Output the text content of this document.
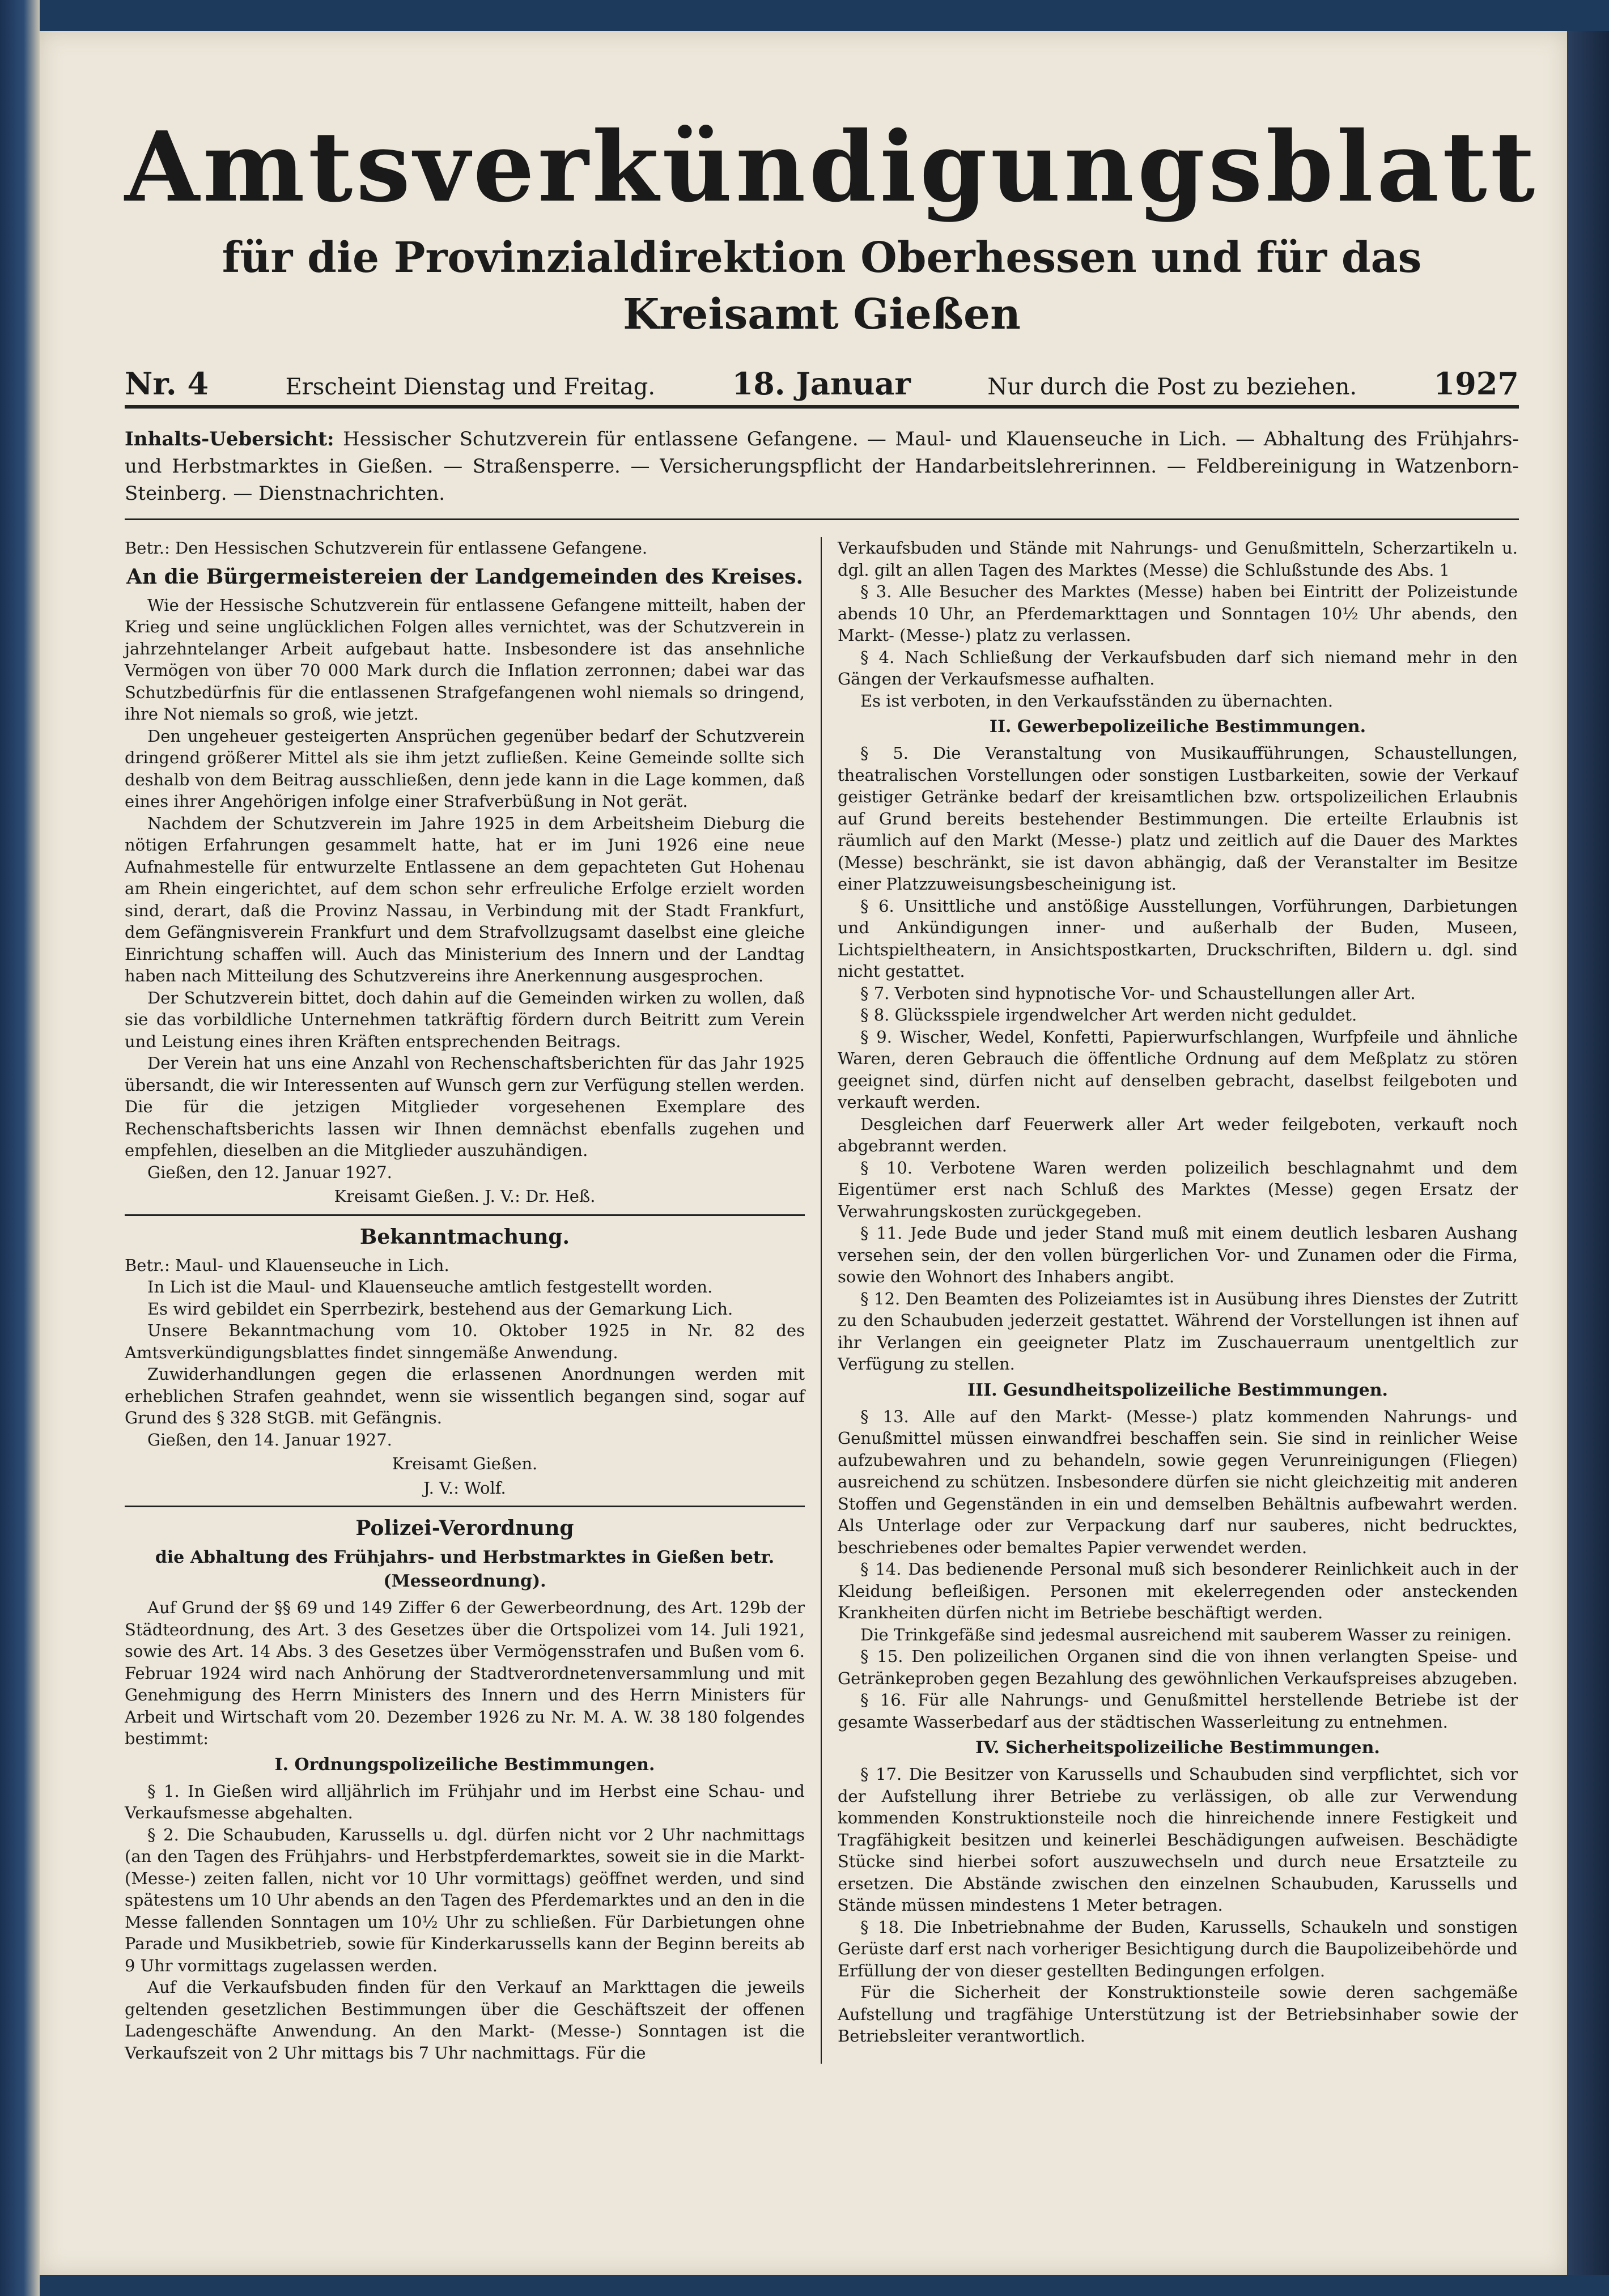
Amtsverkündigungsblatt
für die Provinzialdirektion Oberhessen und für das Kreisamt Gießen
Nr. 4	Erscheint Dienstag und Freitag.	18. Januar	Nur durch die Post zu beziehen.	1927
Inhalts-Uebersicht: Hessischer Schutzverein für entlassene Gefangene. — Maul- und Klauenseuche in Lich. — Abhaltung des Frühjahrs- und Herbstmarktes in Gießen. — Straßensperre. — Versicherungspflicht der Handarbeitslehrerinnen. — Feldbereinigung in Watzenborn-Steinberg. — Dienstnachrichten.

Betr.: Den Hessischen Schutzverein für entlassene Gefangene.

An die Bürgermeistereien der Landgemeinden des Kreises.

Wie der Hessische Schutzverein für entlassene Gefangene mitteilt, haben der Krieg und seine unglücklichen Folgen alles vernichtet, was der Schutzverein in jahrzehntelanger Arbeit aufgebaut hatte. Insbesondere ist das ansehnliche Vermögen von über 70 000 Mark durch die Inflation zerronnen; dabei war das Schutzbedürfnis für die entlassenen Strafgefangenen wohl niemals so dringend, ihre Not niemals so groß, wie jetzt.

Den ungeheuer gesteigerten Ansprüchen gegenüber bedarf der Schutzverein dringend größerer Mittel als sie ihm jetzt zufließen. Keine Gemeinde sollte sich deshalb von dem Beitrag ausschließen, denn jede kann in die Lage kommen, daß eines ihrer Angehörigen infolge einer Strafverbüßung in Not gerät.

Nachdem der Schutzverein im Jahre 1925 in dem Arbeitsheim Dieburg die nötigen Erfahrungen gesammelt hatte, hat er im Juni 1926 eine neue Aufnahmestelle für entwurzelte Entlassene an dem gepachteten Gut Hohenau am Rhein eingerichtet, auf dem schon sehr erfreuliche Erfolge erzielt worden sind, derart, daß die Provinz Nassau, in Verbindung mit der Stadt Frankfurt, dem Gefängnisverein Frankfurt und dem Strafvollzugsamt daselbst eine gleiche Einrichtung schaffen will. Auch das Ministerium des Innern und der Landtag haben nach Mitteilung des Schutzvereins ihre Anerkennung ausgesprochen.

Der Schutzverein bittet, doch dahin auf die Gemeinden wirken zu wollen, daß sie das vorbildliche Unternehmen tatkräftig fördern durch Beitritt zum Verein und Leistung eines ihren Kräften entsprechenden Beitrags.

Der Verein hat uns eine Anzahl von Rechenschaftsberichten für das Jahr 1925 übersandt, die wir Interessenten auf Wunsch gern zur Verfügung stellen werden. Die für die jetzigen Mitglieder vorgesehenen Exemplare des Rechenschaftsberichts lassen wir Ihnen demnächst ebenfalls zugehen und empfehlen, dieselben an die Mitglieder auszuhändigen.

Gießen, den 12. Januar 1927.

Kreisamt Gießen. J. V.: Dr. Heß.
Bekanntmachung.

Betr.: Maul- und Klauenseuche in Lich.

In Lich ist die Maul- und Klauenseuche amtlich festgestellt worden.

Es wird gebildet ein Sperrbezirk, bestehend aus der Gemarkung Lich.

Unsere Bekanntmachung vom 10. Oktober 1925 in Nr. 82 des Amtsverkündigungsblattes findet sinngemäße Anwendung.

Zuwiderhandlungen gegen die erlassenen Anordnungen werden mit erheblichen Strafen geahndet, wenn sie wissentlich begangen sind, sogar auf Grund des § 328 StGB. mit Gefängnis.

Gießen, den 14. Januar 1927.

Kreisamt Gießen.
J. V.: Wolf.
Polizei-Verordnung
die Abhaltung des Frühjahrs- und Herbstmarktes in Gießen betr. (Messeordnung).

Auf Grund der §§ 69 und 149 Ziffer 6 der Gewerbeordnung, des Art. 129b der Städteordnung, des Art. 3 des Gesetzes über die Ortspolizei vom 14. Juli 1921, sowie des Art. 14 Abs. 3 des Gesetzes über Vermögensstrafen und Bußen vom 6. Februar 1924 wird nach Anhörung der Stadtverordnetenversammlung und mit Genehmigung des Herrn Ministers des Innern und des Herrn Ministers für Arbeit und Wirtschaft vom 20. Dezember 1926 zu Nr. M. A. W. 38 180 folgendes bestimmt:

I. Ordnungspolizeiliche Bestimmungen.

§ 1. In Gießen wird alljährlich im Frühjahr und im Herbst eine Schau- und Verkaufsmesse abgehalten.

§ 2. Die Schaubuden, Karussells u. dgl. dürfen nicht vor 2 Uhr nachmittags (an den Tagen des Frühjahrs- und Herbstpferdemarktes, soweit sie in die Markt- (Messe-) zeiten fallen, nicht vor 10 Uhr vormittags) geöffnet werden, und sind spätestens um 10 Uhr abends an den Tagen des Pferdemarktes und an den in die Messe fallenden Sonntagen um 10½ Uhr zu schließen. Für Darbietungen ohne Parade und Musikbetrieb, sowie für Kinderkarussells kann der Beginn bereits ab 9 Uhr vormittags zugelassen werden.

Auf die Verkaufsbuden finden für den Verkauf an Markttagen die jeweils geltenden gesetzlichen Bestimmungen über die Geschäftszeit der offenen Ladengeschäfte Anwendung. An den Markt- (Messe-) Sonntagen ist die Verkaufszeit von 2 Uhr mittags bis 7 Uhr nachmittags. Für die

Verkaufsbuden und Stände mit Nahrungs- und Genußmitteln, Scherzartikeln u. dgl. gilt an allen Tagen des Marktes (Messe) die Schlußstunde des Abs. 1

§ 3. Alle Besucher des Marktes (Messe) haben bei Eintritt der Polizeistunde abends 10 Uhr, an Pferdemarkttagen und Sonntagen 10½ Uhr abends, den Markt- (Messe-) platz zu verlassen.

§ 4. Nach Schließung der Verkaufsbuden darf sich niemand mehr in den Gängen der Verkaufsmesse aufhalten.

Es ist verboten, in den Verkaufsständen zu übernachten.

II. Gewerbepolizeiliche Bestimmungen.

§ 5. Die Veranstaltung von Musikaufführungen, Schaustellungen, theatralischen Vorstellungen oder sonstigen Lustbarkeiten, sowie der Verkauf geistiger Getränke bedarf der kreisamtlichen bzw. ortspolizeilichen Erlaubnis auf Grund bereits bestehender Bestimmungen. Die erteilte Erlaubnis ist räumlich auf den Markt (Messe-) platz und zeitlich auf die Dauer des Marktes (Messe) beschränkt, sie ist davon abhängig, daß der Veranstalter im Besitze einer Platzzuweisungsbescheinigung ist.

§ 6. Unsittliche und anstößige Ausstellungen, Vorführungen, Darbietungen und Ankündigungen inner- und außerhalb der Buden, Museen, Lichtspieltheatern, in Ansichtspostkarten, Druckschriften, Bildern u. dgl. sind nicht gestattet.

§ 7. Verboten sind hypnotische Vor- und Schaustellungen aller Art.

§ 8. Glücksspiele irgendwelcher Art werden nicht geduldet.

§ 9. Wischer, Wedel, Konfetti, Papierwurfschlangen, Wurfpfeile und ähnliche Waren, deren Gebrauch die öffentliche Ordnung auf dem Meßplatz zu stören geeignet sind, dürfen nicht auf denselben gebracht, daselbst feilgeboten und verkauft werden.

Desgleichen darf Feuerwerk aller Art weder feilgeboten, verkauft noch abgebrannt werden.

§ 10. Verbotene Waren werden polizeilich beschlagnahmt und dem Eigentümer erst nach Schluß des Marktes (Messe) gegen Ersatz der Verwahrungskosten zurückgegeben.

§ 11. Jede Bude und jeder Stand muß mit einem deutlich lesbaren Aushang versehen sein, der den vollen bürgerlichen Vor- und Zunamen oder die Firma, sowie den Wohnort des Inhabers angibt.

§ 12. Den Beamten des Polizeiamtes ist in Ausübung ihres Dienstes der Zutritt zu den Schaubuden jederzeit gestattet. Während der Vorstellungen ist ihnen auf ihr Verlangen ein geeigneter Platz im Zuschauerraum unentgeltlich zur Verfügung zu stellen.

III. Gesundheitspolizeiliche Bestimmungen.

§ 13. Alle auf den Markt- (Messe-) platz kommenden Nahrungs- und Genußmittel müssen einwandfrei beschaffen sein. Sie sind in reinlicher Weise aufzubewahren und zu behandeln, sowie gegen Verunreinigungen (Fliegen) ausreichend zu schützen. Insbesondere dürfen sie nicht gleichzeitig mit anderen Stoffen und Gegenständen in ein und demselben Behältnis aufbewahrt werden. Als Unterlage oder zur Verpackung darf nur sauberes, nicht bedrucktes, beschriebenes oder bemaltes Papier verwendet werden.

§ 14. Das bedienende Personal muß sich besonderer Reinlichkeit auch in der Kleidung befleißigen. Personen mit ekelerregenden oder ansteckenden Krankheiten dürfen nicht im Betriebe beschäftigt werden.

Die Trinkgefäße sind jedesmal ausreichend mit sauberem Wasser zu reinigen.

§ 15. Den polizeilichen Organen sind die von ihnen verlangten Speise- und Getränkeproben gegen Bezahlung des gewöhnlichen Verkaufspreises abzugeben.

§ 16. Für alle Nahrungs- und Genußmittel herstellende Betriebe ist der gesamte Wasserbedarf aus der städtischen Wasserleitung zu entnehmen.

IV. Sicherheitspolizeiliche Bestimmungen.

§ 17. Die Besitzer von Karussells und Schaubuden sind verpflichtet, sich vor der Aufstellung ihrer Betriebe zu verlässigen, ob alle zur Verwendung kommenden Konstruktionsteile noch die hinreichende innere Festigkeit und Tragfähigkeit besitzen und keinerlei Beschädigungen aufweisen. Beschädigte Stücke sind hierbei sofort auszuwechseln und durch neue Ersatzteile zu ersetzen. Die Abstände zwischen den einzelnen Schaubuden, Karussells und Stände müssen mindestens 1 Meter betragen.

§ 18. Die Inbetriebnahme der Buden, Karussells, Schaukeln und sonstigen Gerüste darf erst nach vorheriger Besichtigung durch die Baupolizeibehörde und Erfüllung der von dieser gestellten Bedingungen erfolgen.

Für die Sicherheit der Konstruktionsteile sowie deren sachgemäße Aufstellung und tragfähige Unterstützung ist der Betriebsinhaber sowie der Betriebsleiter verantwortlich.
